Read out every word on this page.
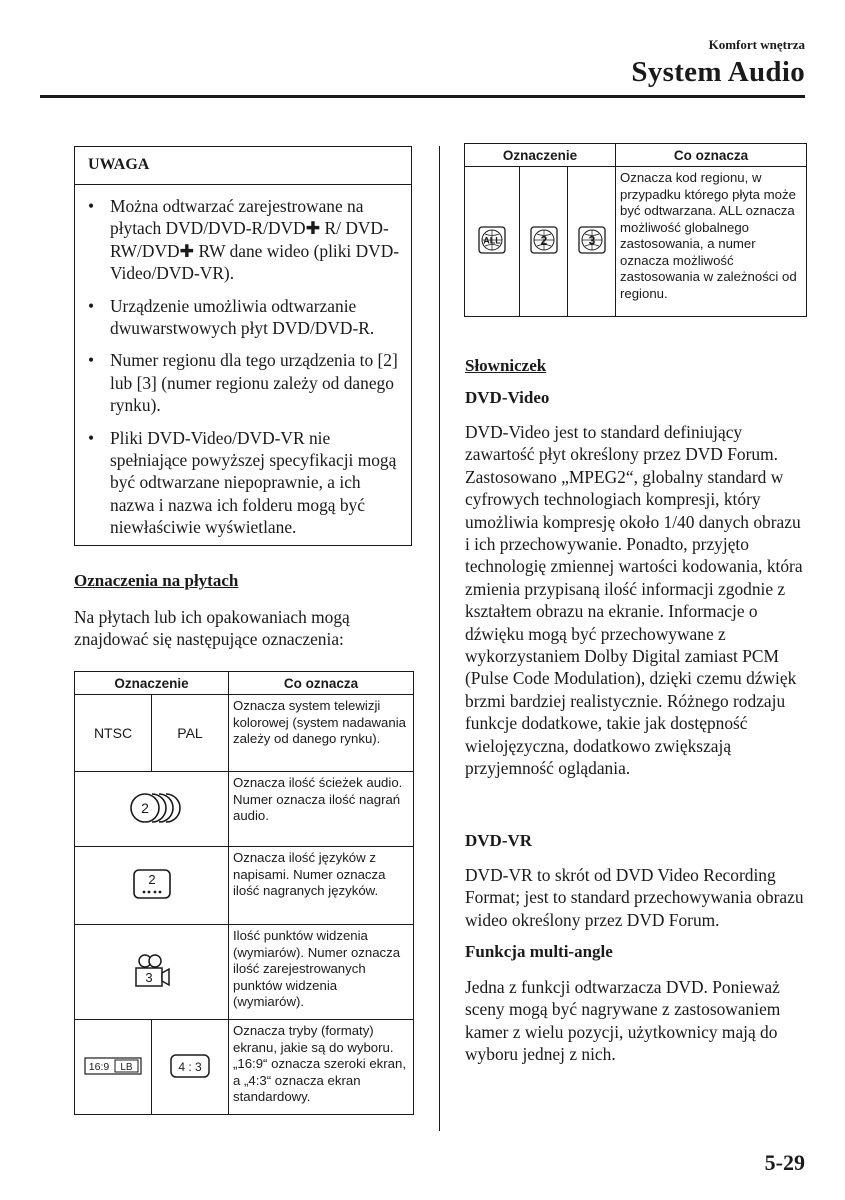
Komfort wnętrza
System Audio
UWAGA
• Można odtwarzać zarejestrowane na płytach DVD/DVD-R/DVD✚ R/ DVD-RW/DVD✚ RW dane wideo (pliki DVD-Video/DVD-VR).
• Urządzenie umożliwia odtwarzanie dwuwarstwowych płyt DVD/DVD-R.
• Numer regionu dla tego urządzenia to [2] lub [3] (numer regionu zależy od danego rynku).
• Pliki DVD-Video/DVD-VR nie spełniające powyższej specyfikacji mogą być odtwarzane niepoprawnie, a ich nazwa i nazwa ich folderu mogą być niewłaściwie wyświetlane.
Oznaczenia na płytach
Na płytach lub ich opakowaniach mogą znajdować się następujące oznaczenia:
Oznaczenie		Co oznacza
NTSC	PAL	Oznacza system telewizji kolorowej (system nadawania zależy od danego rynku).

2		Oznacza ilość ścieżek audio. Numer oznacza ilość nagrań audio.

2		Oznacza ilość języków z napisami. Numer oznacza ilość nagranych języków.

3		Ilość punktów widzenia (wymiarów). Numer oznacza ilość zarejestrowanych punktów widzenia (wymiarów).

16:9 LB	4 : 3	Oznacza tryby (formaty) ekranu, jakie są do wyboru. „16:9“ oznacza szeroki ekran, a „4:3“ oznacza ekran standardowy.
Oznaczenie			Co oznacza

ALL	2	3	Oznacza kod regionu, w przypadku którego płyta może być odtwarzana. ALL oznacza możliwość globalnego zastosowania, a numer oznacza możliwość zastosowania w zależności od regionu.
Słowniczek
DVD-Video
DVD-Video jest to standard definiujący zawartość płyt określony przez DVD Forum. Zastosowano „MPEG2“, globalny standard w cyfrowych technologiach kompresji, który umożliwia kompresję około 1/40 danych obrazu i ich przechowywanie. Ponadto, przyjęto technologię zmiennej wartości kodowania, która zmienia przypisaną ilość informacji zgodnie z kształtem obrazu na ekranie. Informacje o dźwięku mogą być przechowywane z wykorzystaniem Dolby Digital zamiast PCM (Pulse Code Modulation), dzięki czemu dźwięk brzmi bardziej realistycznie. Różnego rodzaju funkcje dodatkowe, takie jak dostępność wielojęzyczna, dodatkowo zwiększają przyjemność oglądania.
DVD-VR
DVD-VR to skrót od DVD Video Recording Format; jest to standard przechowywania obrazu wideo określony przez DVD Forum.
Funkcja multi-angle
Jedna z funkcji odtwarzacza DVD. Ponieważ sceny mogą być nagrywane z zastosowaniem kamer z wielu pozycji, użytkownicy mają do wyboru jednej z nich.
5-29
